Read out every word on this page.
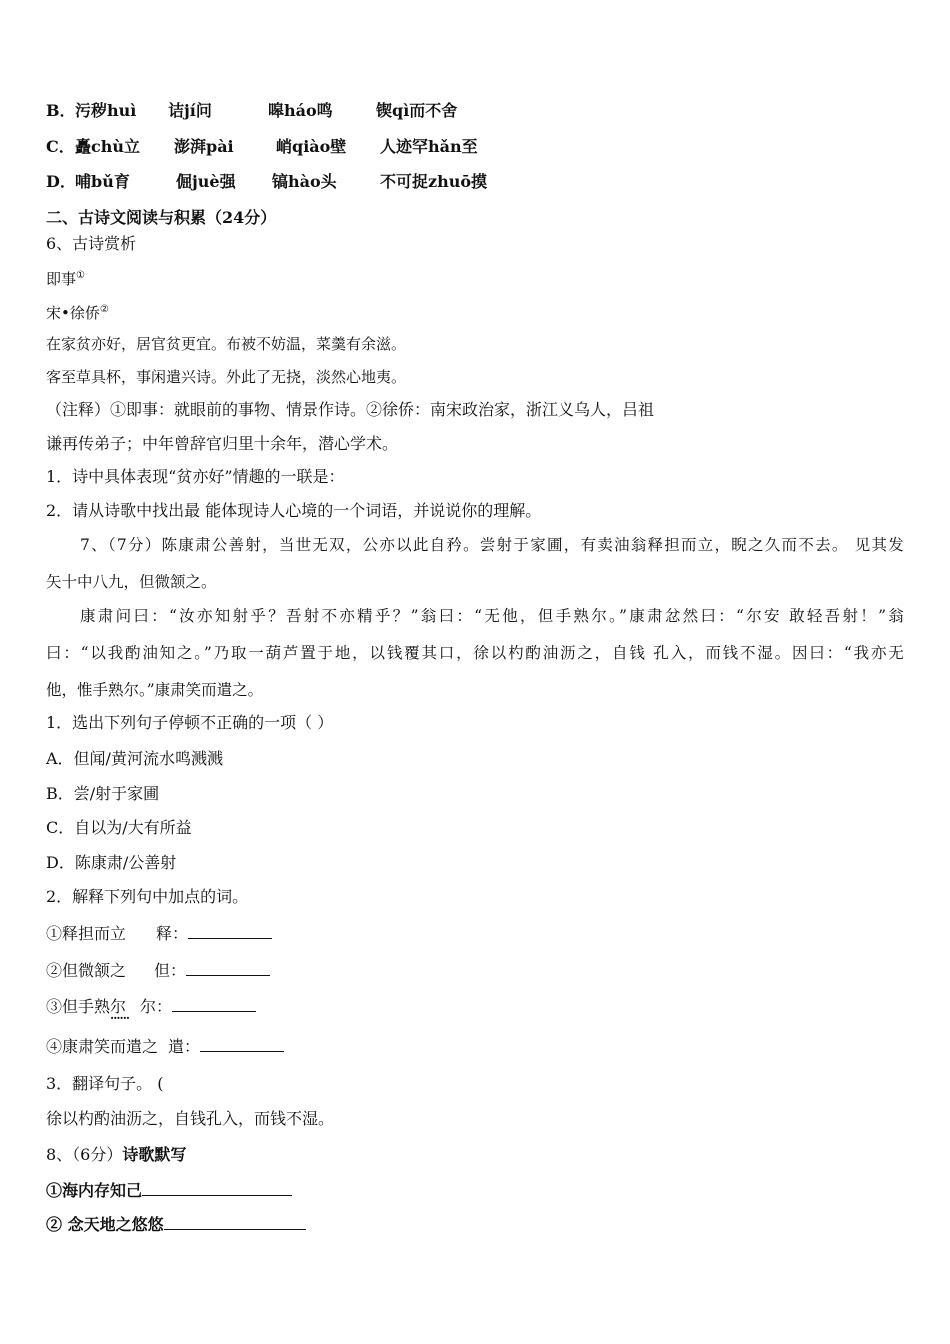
B． 污秽huì 诘jí问	嗥háo鸣	锲qì而不舍
C． 矗chù立 澎湃pài	峭qiào壁 人迹罕hǎn至
D． 哺bǔ育	倔juè强 镐hào头	不可捉zhuō摸
二、古诗文阅读与积累（24分）
6、古诗赏析
即事①
宋•徐侨②
在家贫亦好，居官贫更宜。布被不妨温，菜羹有余滋。
客至草具杯，事闲遣兴诗。外此了无挠，淡然心地夷。
（注释）①即事：就眼前的事物、情景作诗。②徐侨：南宋政治家，浙江义乌人，吕祖
谦再传弟子；中年曾辞官归里十余年，潜心学术。
1．诗中具体表现“贫亦好”情趣的一联是：
2．请从诗歌中找出最 能体现诗人心境的一个词语，并说说你的理解。
7、（7分）陈康肃公善射，当世无双，公亦以此自矜。尝射于家圃，有卖油翁释担而立，睨之久而不去。 见其发
矢十中八九，但微颔之。
康肃问曰：“汝亦知射乎？吾射不亦精乎？”翁曰：“无他，但手熟尔。”康肃忿然曰：“尔安 敢轻吾射！”翁
曰：“以我酌油知之。”乃取一葫芦置于地，以钱覆其口，徐以杓酌油沥之，自钱 孔入，而钱不湿。因曰：“我亦无
他，惟手熟尔。”康肃笑而遣之。
1．选出下列句子停顿不正确的一项（ ）
A．但闻/黄河流水鸣溅溅
B．尝/射于家圃
C．自以为/大有所益
D．陈康肃/公善射
2．解释下列句中加点的词。
①释担而立 释：
②但微颔之 但：
③但手熟尔 ...... 尔：
④康肃笑而遣之 遣：
3．翻译句子。 (
徐以杓酌油沥之，自钱孔入，而钱不湿。
8、（6分）诗歌默写
①海内存知己
② 念天地之悠悠
